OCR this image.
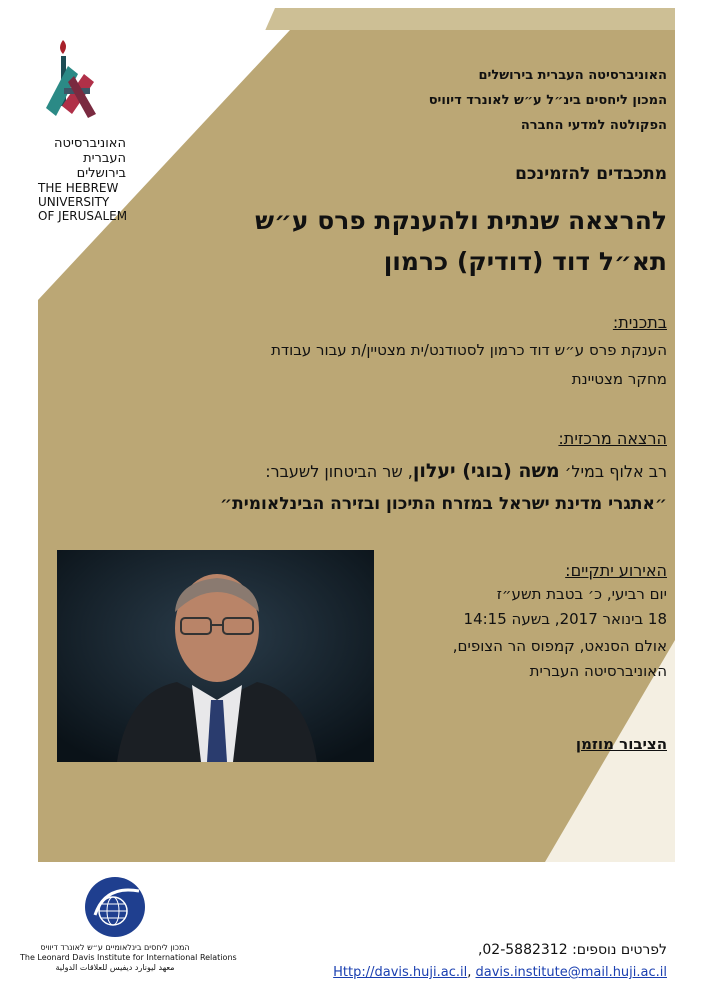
האוניברסיטה
העברית
בירושלים
THE HEBREW
UNIVERSITY
OF JERUSALEM
האוניברסיטה העברית בירושלים
המכון ליחסים בינ״ל ע״ש לאונרד דיוויס
הפקולטה למדעי החברה
מתכבדים להזמינכם
להרצאה שנתית ולהענקת פרס ע״ש
תא״ל דוד (דודיק) כרמון
בתכנית:
הענקת פרס ע״ש דוד כרמון לסטודנט/ית מצטיין/ת עבור עבודת
מחקר מצטיינת
הרצאה מרכזית:
רב אלוף במיל׳ משה (בוגי) יעלון, שר הביטחון לשעבר:
״אתגרי מדינת ישראל במזרח התיכון ובזירה הבינלאומית״
האירוע יתקיים:
יום רביעי, כ׳ בטבת תשע״ז
18 בינואר 2017, בשעה 14:15
אולם הסנאט, קמפוס הר הצופים,
האוניברסיטה העברית
הציבור מוזמן
המכון ליחסים בינלאומיים ע״ש לאונרד דיוויס
The Leonard Davis Institute for International Relations
معهد ليونارد ديفيس للعلاقات الدولية
לפרטים נוספים: 02-5882312,
Http://davis.huji.ac.il, davis.institute@mail.huji.ac.il
